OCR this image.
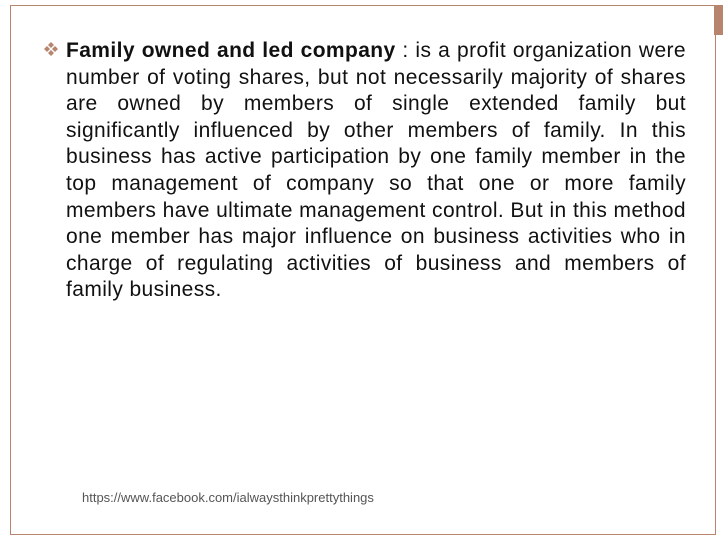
Family owned and led company : is a profit organization were number of voting shares, but not necessarily majority of shares are owned by members of single extended family but significantly influenced by other members of family. In this business has active participation by one family member in the top management of company so that one or more family members have ultimate management control. But in this method one member has major influence on business activities who in charge of regulating activities of business and members of family business.

https://www.facebook.com/ialwaysthinkprettythings
